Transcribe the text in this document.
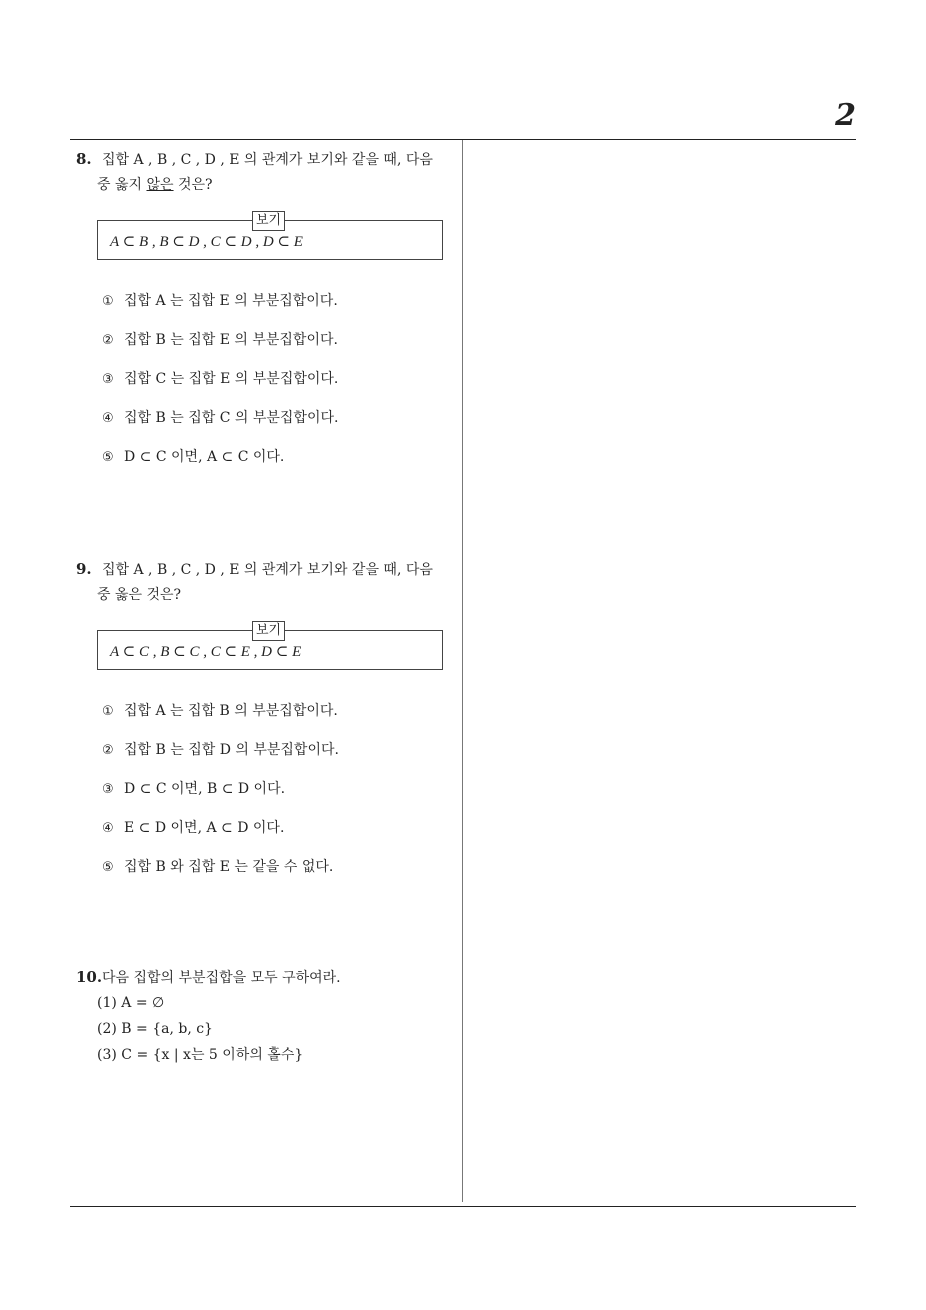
2
8. 집합 A , B , C , D , E 의 관계가 보기와 같을 때, 다음
중 옳지 않은 것은?
보기
A ⊂ B , B ⊂ D , C ⊂ D , D ⊂ E
① 집합 A 는 집합 E 의 부분집합이다.
② 집합 B 는 집합 E 의 부분집합이다.
③ 집합 C 는 집합 E 의 부분집합이다.
④ 집합 B 는 집합 C 의 부분집합이다.
⑤ D ⊂ C 이면, A ⊂ C 이다.
9. 집합 A , B , C , D , E 의 관계가 보기와 같을 때, 다음
중 옳은 것은?
보기
A ⊂ C , B ⊂ C , C ⊂ E , D ⊂ E
① 집합 A 는 집합 B 의 부분집합이다.
② 집합 B 는 집합 D 의 부분집합이다.
③ D ⊂ C 이면, B ⊂ D 이다.
④ E ⊂ D 이면, A ⊂ D 이다.
⑤ 집합 B 와 집합 E 는 같을 수 없다.
10.다음 집합의 부분집합을 모두 구하여라.
(1) A = ∅
(2) B = {a, b, c}
(3) C = {x | x는 5 이하의 홀수}
